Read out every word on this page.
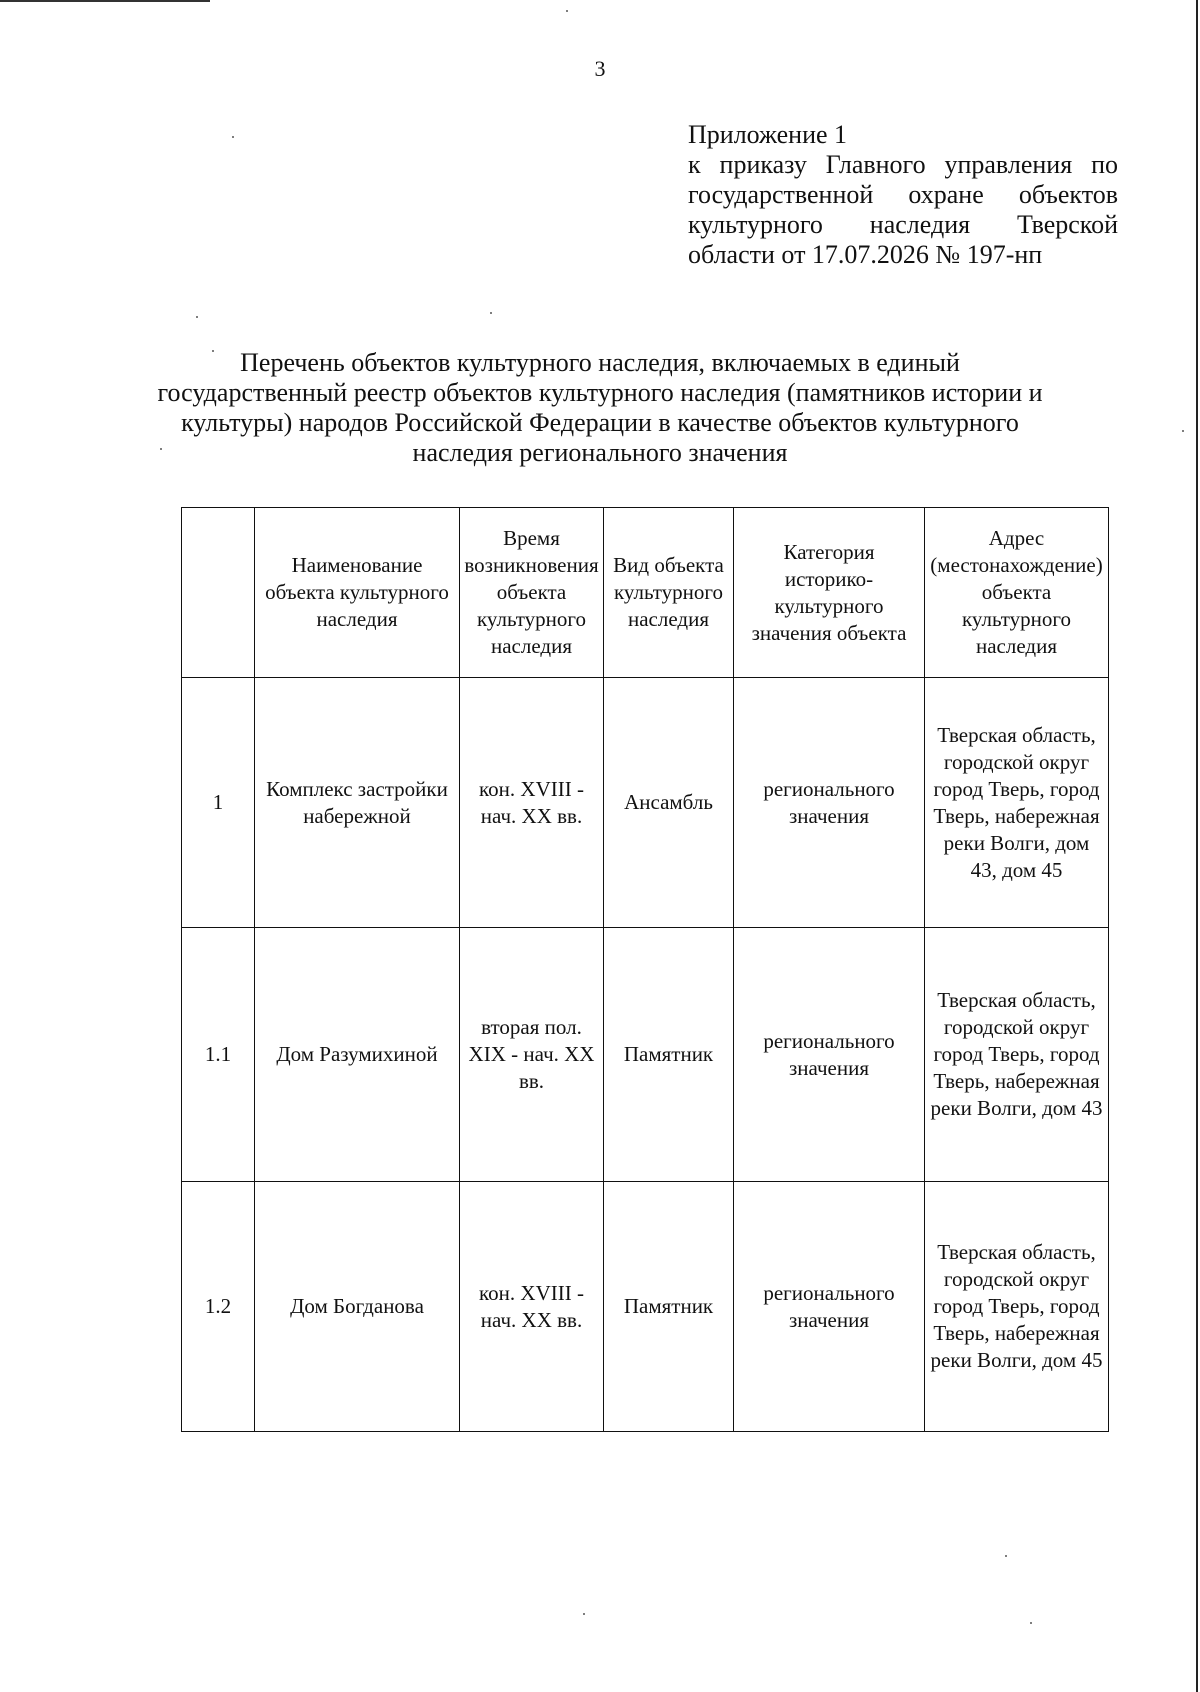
3
Приложение 1
к приказу Главного управления по государственной охране объектов культурного наследия Тверской области от 17.07.2026 № 197-нп
Перечень объектов культурного наследия, включаемых в единый государственный реестр объектов культурного наследия (памятников истории и культуры) народов Российской Федерации в качестве объектов культурного наследия регионального значения
	Наименование объекта культурного наследия	Время возникновения объекта культурного наследия	Вид объекта культурного наследия	Категория историко-культурного значения объекта	Адрес (местонахождение) объекта культурного наследия
1	Комплекс застройки набережной	кон. XVIII - нач. XX вв.	Ансамбль	регионального значения	Тверская область, городской округ город Тверь, город Тверь, набережная реки Волги, дом 43, дом 45
1.1	Дом Разумихиной	вторая пол. XIX - нач. XX вв.	Памятник	регионального значения	Тверская область, городской округ город Тверь, город Тверь, набережная реки Волги, дом 43
1.2	Дом Богданова	кон. XVIII - нач. XX вв.	Памятник	регионального значения	Тверская область, городской округ город Тверь, город Тверь, набережная реки Волги, дом 45
